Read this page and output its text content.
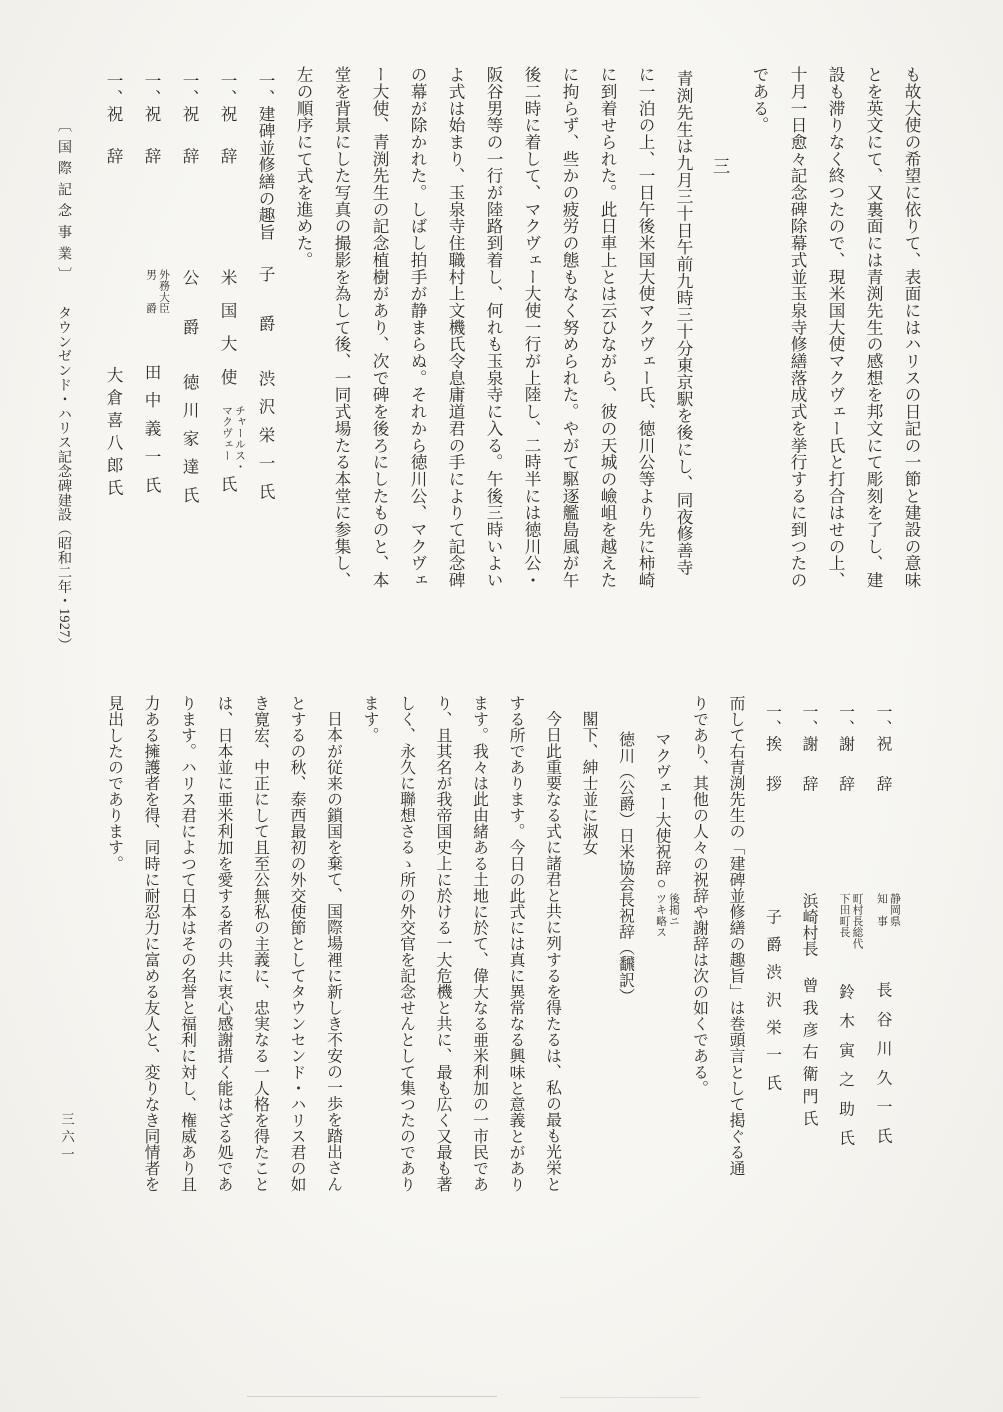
〔国際記念事業〕タウンゼンド・ハリス記念碑建設（昭和二年・1927）	も故大使の希望に依りて、表面にはハリスの日記の一節と建設の意味
とを英文にて、又裏面には青渕先生の感想を邦文にて彫刻を了し、建
設も滞りなく終つたので、現米国大使マクヴェー氏と打合はせの上、
十月一日愈々記念碑除幕式並玉泉寺修繕落成式を挙行するに到つたの
である。
三
青渕先生は九月三十日午前九時三十分東京駅を後にし、同夜修善寺
に一泊の上、一日午後米国大使マクヴェー氏、徳川公等より先に柿崎
に到着せられた。此日車上とは云ひながら、彼の天城の嶮岨を越えた
に拘らず、些かの疲労の態もなく努められた。やがて駆逐艦島風が午
後二時に着して、マクヴェー大使一行が上陸し、二時半には徳川公・
阪谷男等の一行が陸路到着し、何れも玉泉寺に入る。午後三時いよい
よ式は始まり、玉泉寺住職村上文機氏令息庸道君の手によりて記念碑
の幕が除かれた。しばし拍手が静まらぬ。それから徳川公、マクヴェ
ー大使、青渕先生の記念植樹があり、次で碑を後ろにしたものと、本
堂を背景にした写真の撮影を為して後、一同式場たる本堂に参集し、
左の順序にて式を進めた。
一、建碑並修繕の趣旨子爵渋沢栄一氏
一、祝辞米国大使チャールス・
マクヴェー氏
一、祝辞公爵徳川家達氏
一、祝辞外務大臣
男　　爵田中義一氏
一、祝辞大倉喜八郎氏
一、祝辞静岡県
知　事長谷川久一氏
一、謝辞町村長総代
下田町長鈴木寅之助氏
一、謝辞浜崎村長曾我彦右衛門氏
一、挨拶子爵渋沢栄一氏
而して右青渕先生の「建碑並修繕の趣旨」は巻頭言として掲ぐる通
りであり、其他の人々の祝辞や謝辞は次の如くである。
マクヴェー大使祝辞○後掲ニ
ツキ略ス
徳川（公爵）日米協会長祝辞（飜訳）
閣下、紳士並に淑女
今日此重要なる式に諸君と共に列するを得たるは、私の最も光栄と
する所であります。今日の此式には真に異常なる興味と意義とがあり
ます。我々は此由緒ある土地に於て、偉大なる亜米利加の一市民であ
り、且其名が我帝国史上に於ける一大危機と共に、最も広く又最も著
しく、永久に聯想さるゝ所の外交官を記念せんとして集つたのであり
ます。
日本が従来の鎖国を棄て、国際場裡に新しき不安の一歩を踏出さん
とするの秋、泰西最初の外交使節としてタウンセンド・ハリス君の如
き寛宏、中正にして且至公無私の主義に、忠実なる一人格を得たこと
は、日本並に亜米利加を愛する者の共に衷心感謝措く能はざる処であ
ります。ハリス君によつて日本はその名誉と福利に対し、権威あり且
力ある擁護者を得、同時に耐忍力に富める友人と、変りなき同情者を
見出したのであります。
三六一
